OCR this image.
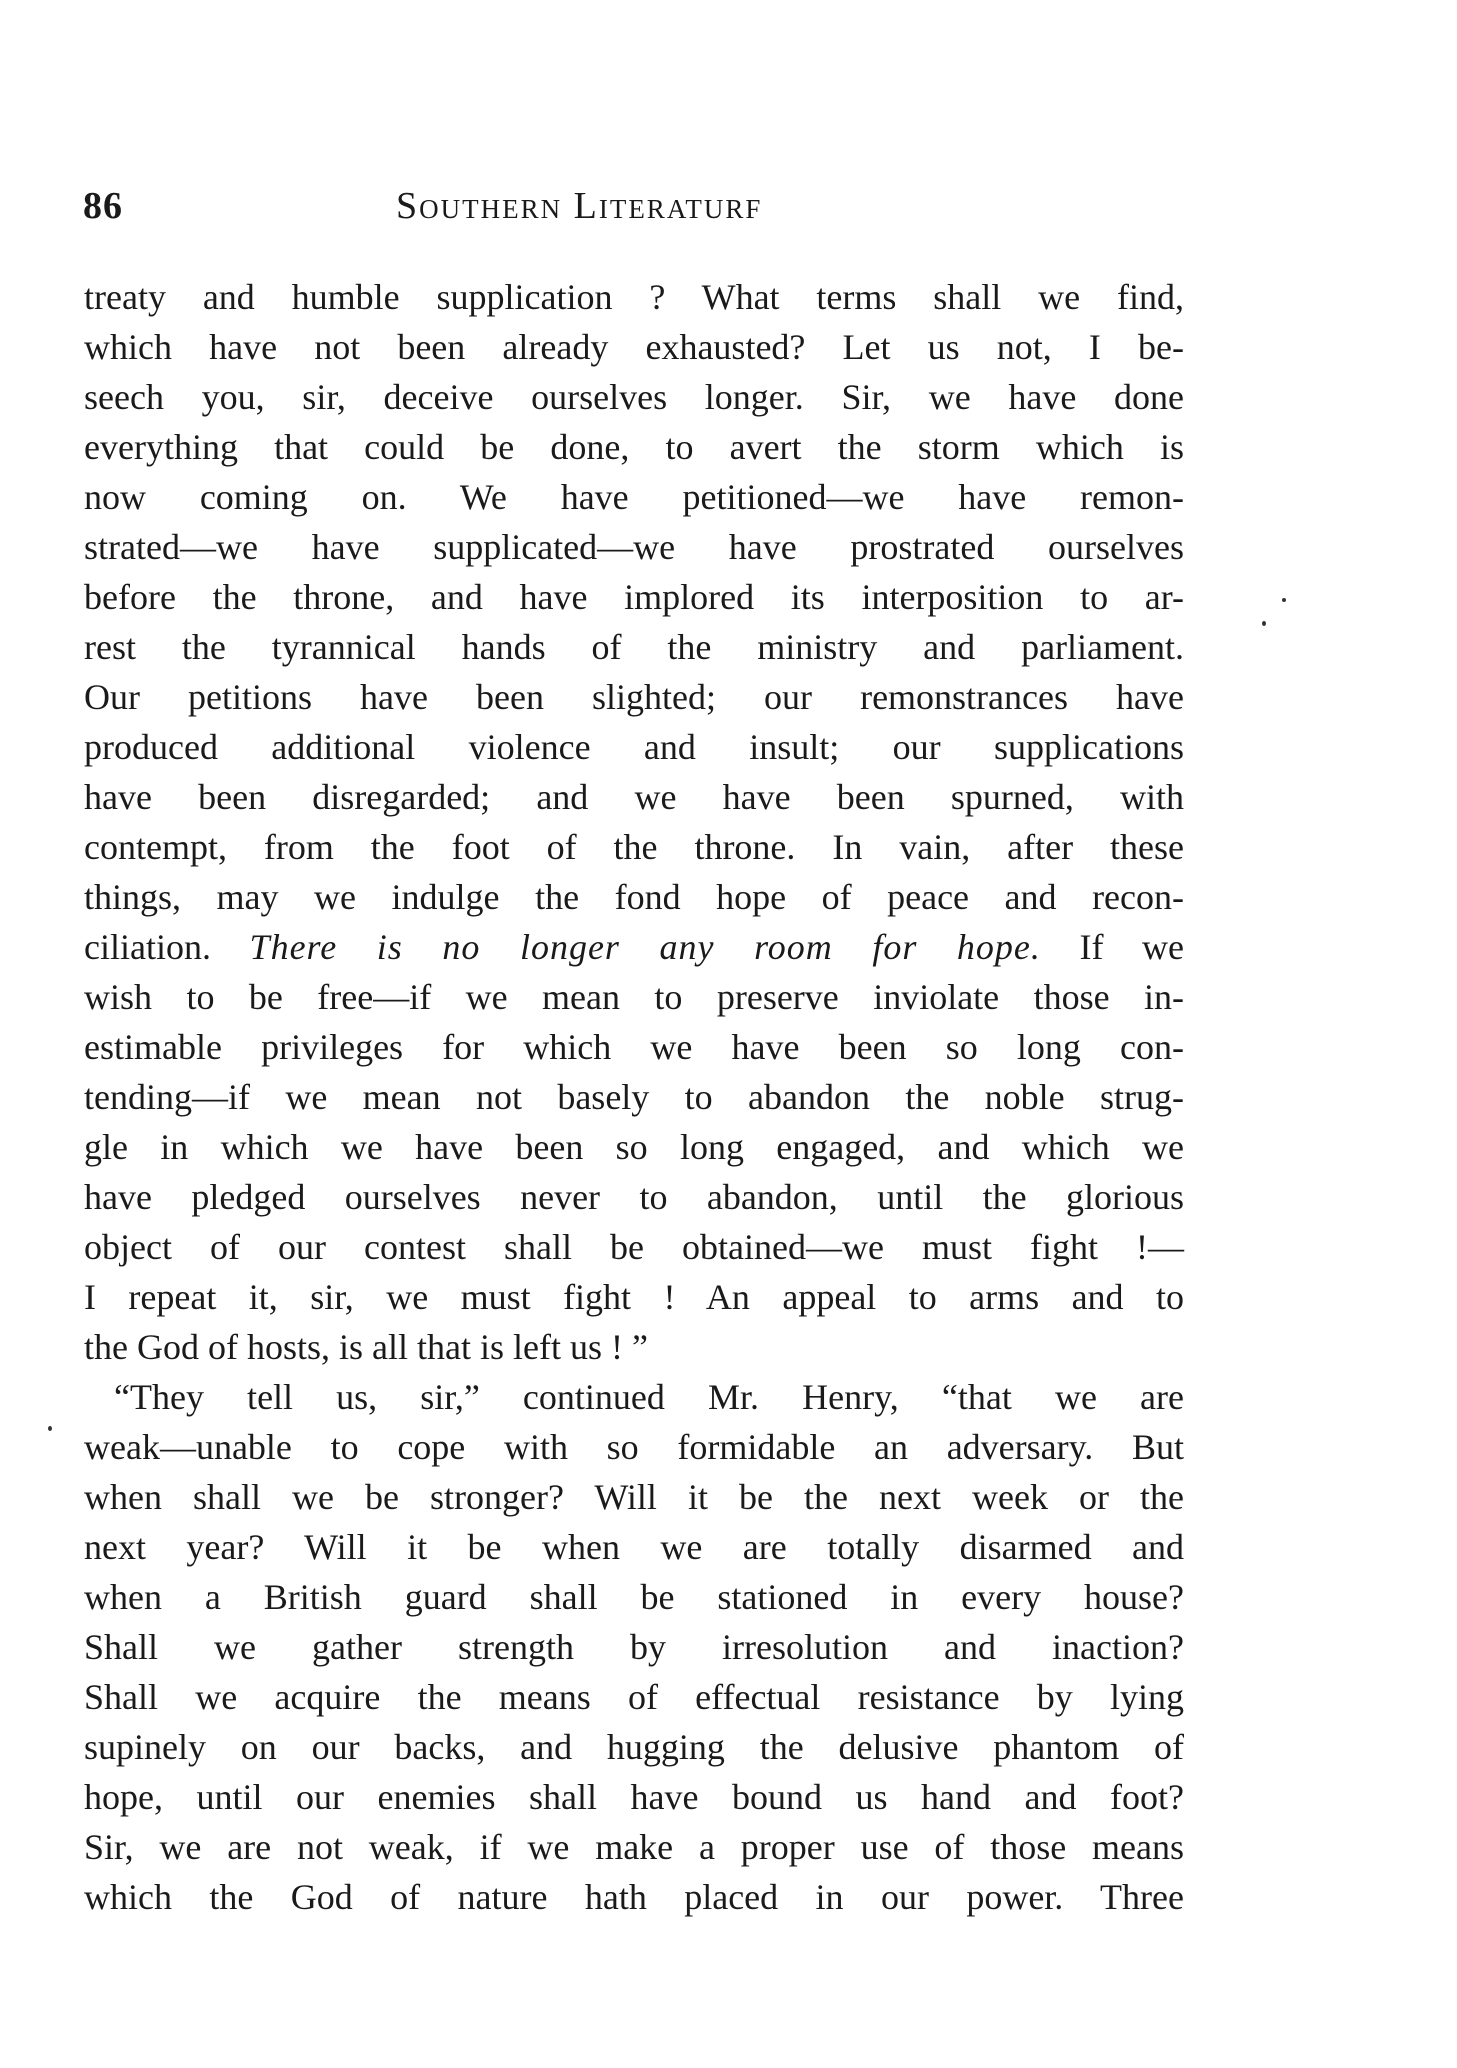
86	Southern Literaturf
treaty and humble supplication ? What terms shall we find,
which have not been already exhausted? Let us not, I be-
seech you, sir, deceive ourselves longer. Sir, we have done
everything that could be done, to avert the storm which is
now coming on. We have petitioned—we have remon-
strated—we have supplicated—we have prostrated ourselves
before the throne, and have implored its interposition to ar-
rest the tyrannical hands of the ministry and parliament.
Our petitions have been slighted; our remonstrances have
produced additional violence and insult; our supplications
have been disregarded; and we have been spurned, with
contempt, from the foot of the throne. In vain, after these
things, may we indulge the fond hope of peace and recon-
ciliation. There is no longer any room for hope. If we
wish to be free—if we mean to preserve inviolate those in-
estimable privileges for which we have been so long con-
tending—if we mean not basely to abandon the noble strug-
gle in which we have been so long engaged, and which we
have pledged ourselves never to abandon, until the glorious
object of our contest shall be obtained—we must fight !—
I repeat it, sir, we must fight ! An appeal to arms and to
the God of hosts, is all that is left us ! ”
“They tell us, sir,” continued Mr. Henry, “that we are
weak—unable to cope with so formidable an adversary. But
when shall we be stronger? Will it be the next week or the
next year? Will it be when we are totally disarmed and
when a British guard shall be stationed in every house?
Shall we gather strength by irresolution and inaction?
Shall we acquire the means of effectual resistance by lying
supinely on our backs, and hugging the delusive phantom of
hope, until our enemies shall have bound us hand and foot?
Sir, we are not weak, if we make a proper use of those means
which the God of nature hath placed in our power. Three
